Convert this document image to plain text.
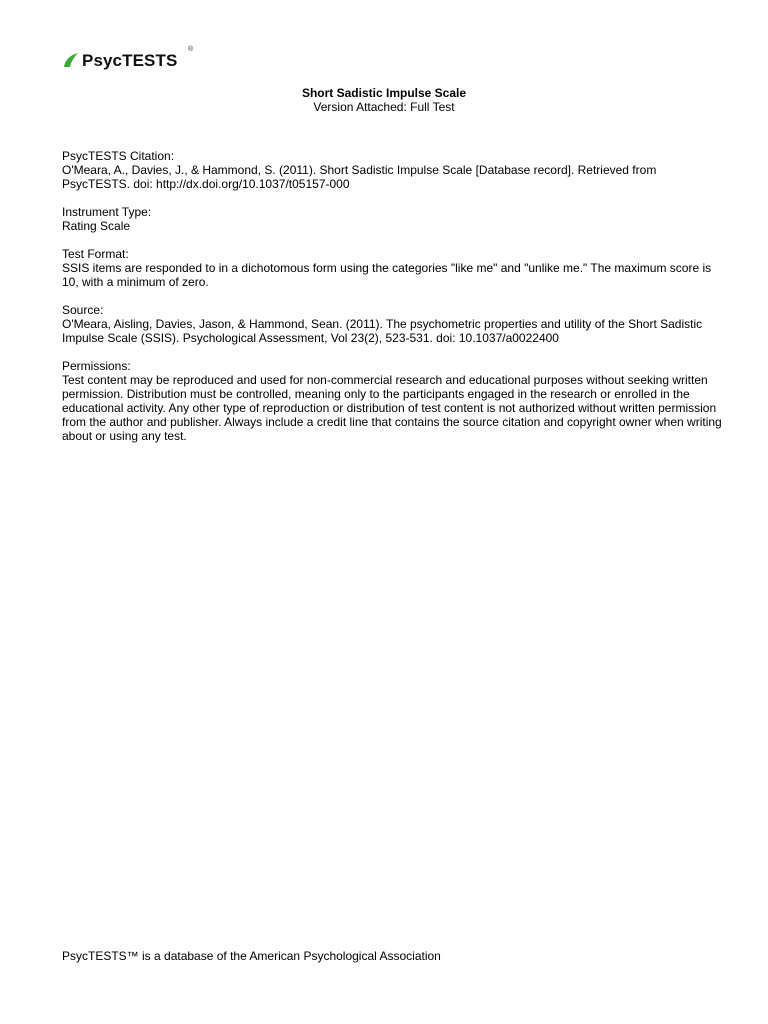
PsycTESTS
®
Short Sadistic Impulse Scale
Version Attached: Full Test
PsycTESTS Citation:
O'Meara, A., Davies, J., & Hammond, S. (2011). Short Sadistic Impulse Scale [Database record]. Retrieved from PsycTESTS. doi: http://dx.doi.org/10.1037/t05157-000
Instrument Type:
Rating Scale
Test Format:
SSIS items are responded to in a dichotomous form using the categories "like me" and "unlike me." The maximum score is 10, with a minimum of zero.
Source:
O'Meara, Aisling, Davies, Jason, & Hammond, Sean. (2011). The psychometric properties and utility of the Short Sadistic Impulse Scale (SSIS). Psychological Assessment, Vol 23(2), 523-531. doi: 10.1037/a0022400
Permissions:
Test content may be reproduced and used for non-commercial research and educational purposes without seeking written permission. Distribution must be controlled, meaning only to the participants engaged in the research or enrolled in the educational activity. Any other type of reproduction or distribution of test content is not authorized without written permission from the author and publisher. Always include a credit line that contains the source citation and copyright owner when writing about or using any test.
PsycTESTS™ is a database of the American Psychological Association
